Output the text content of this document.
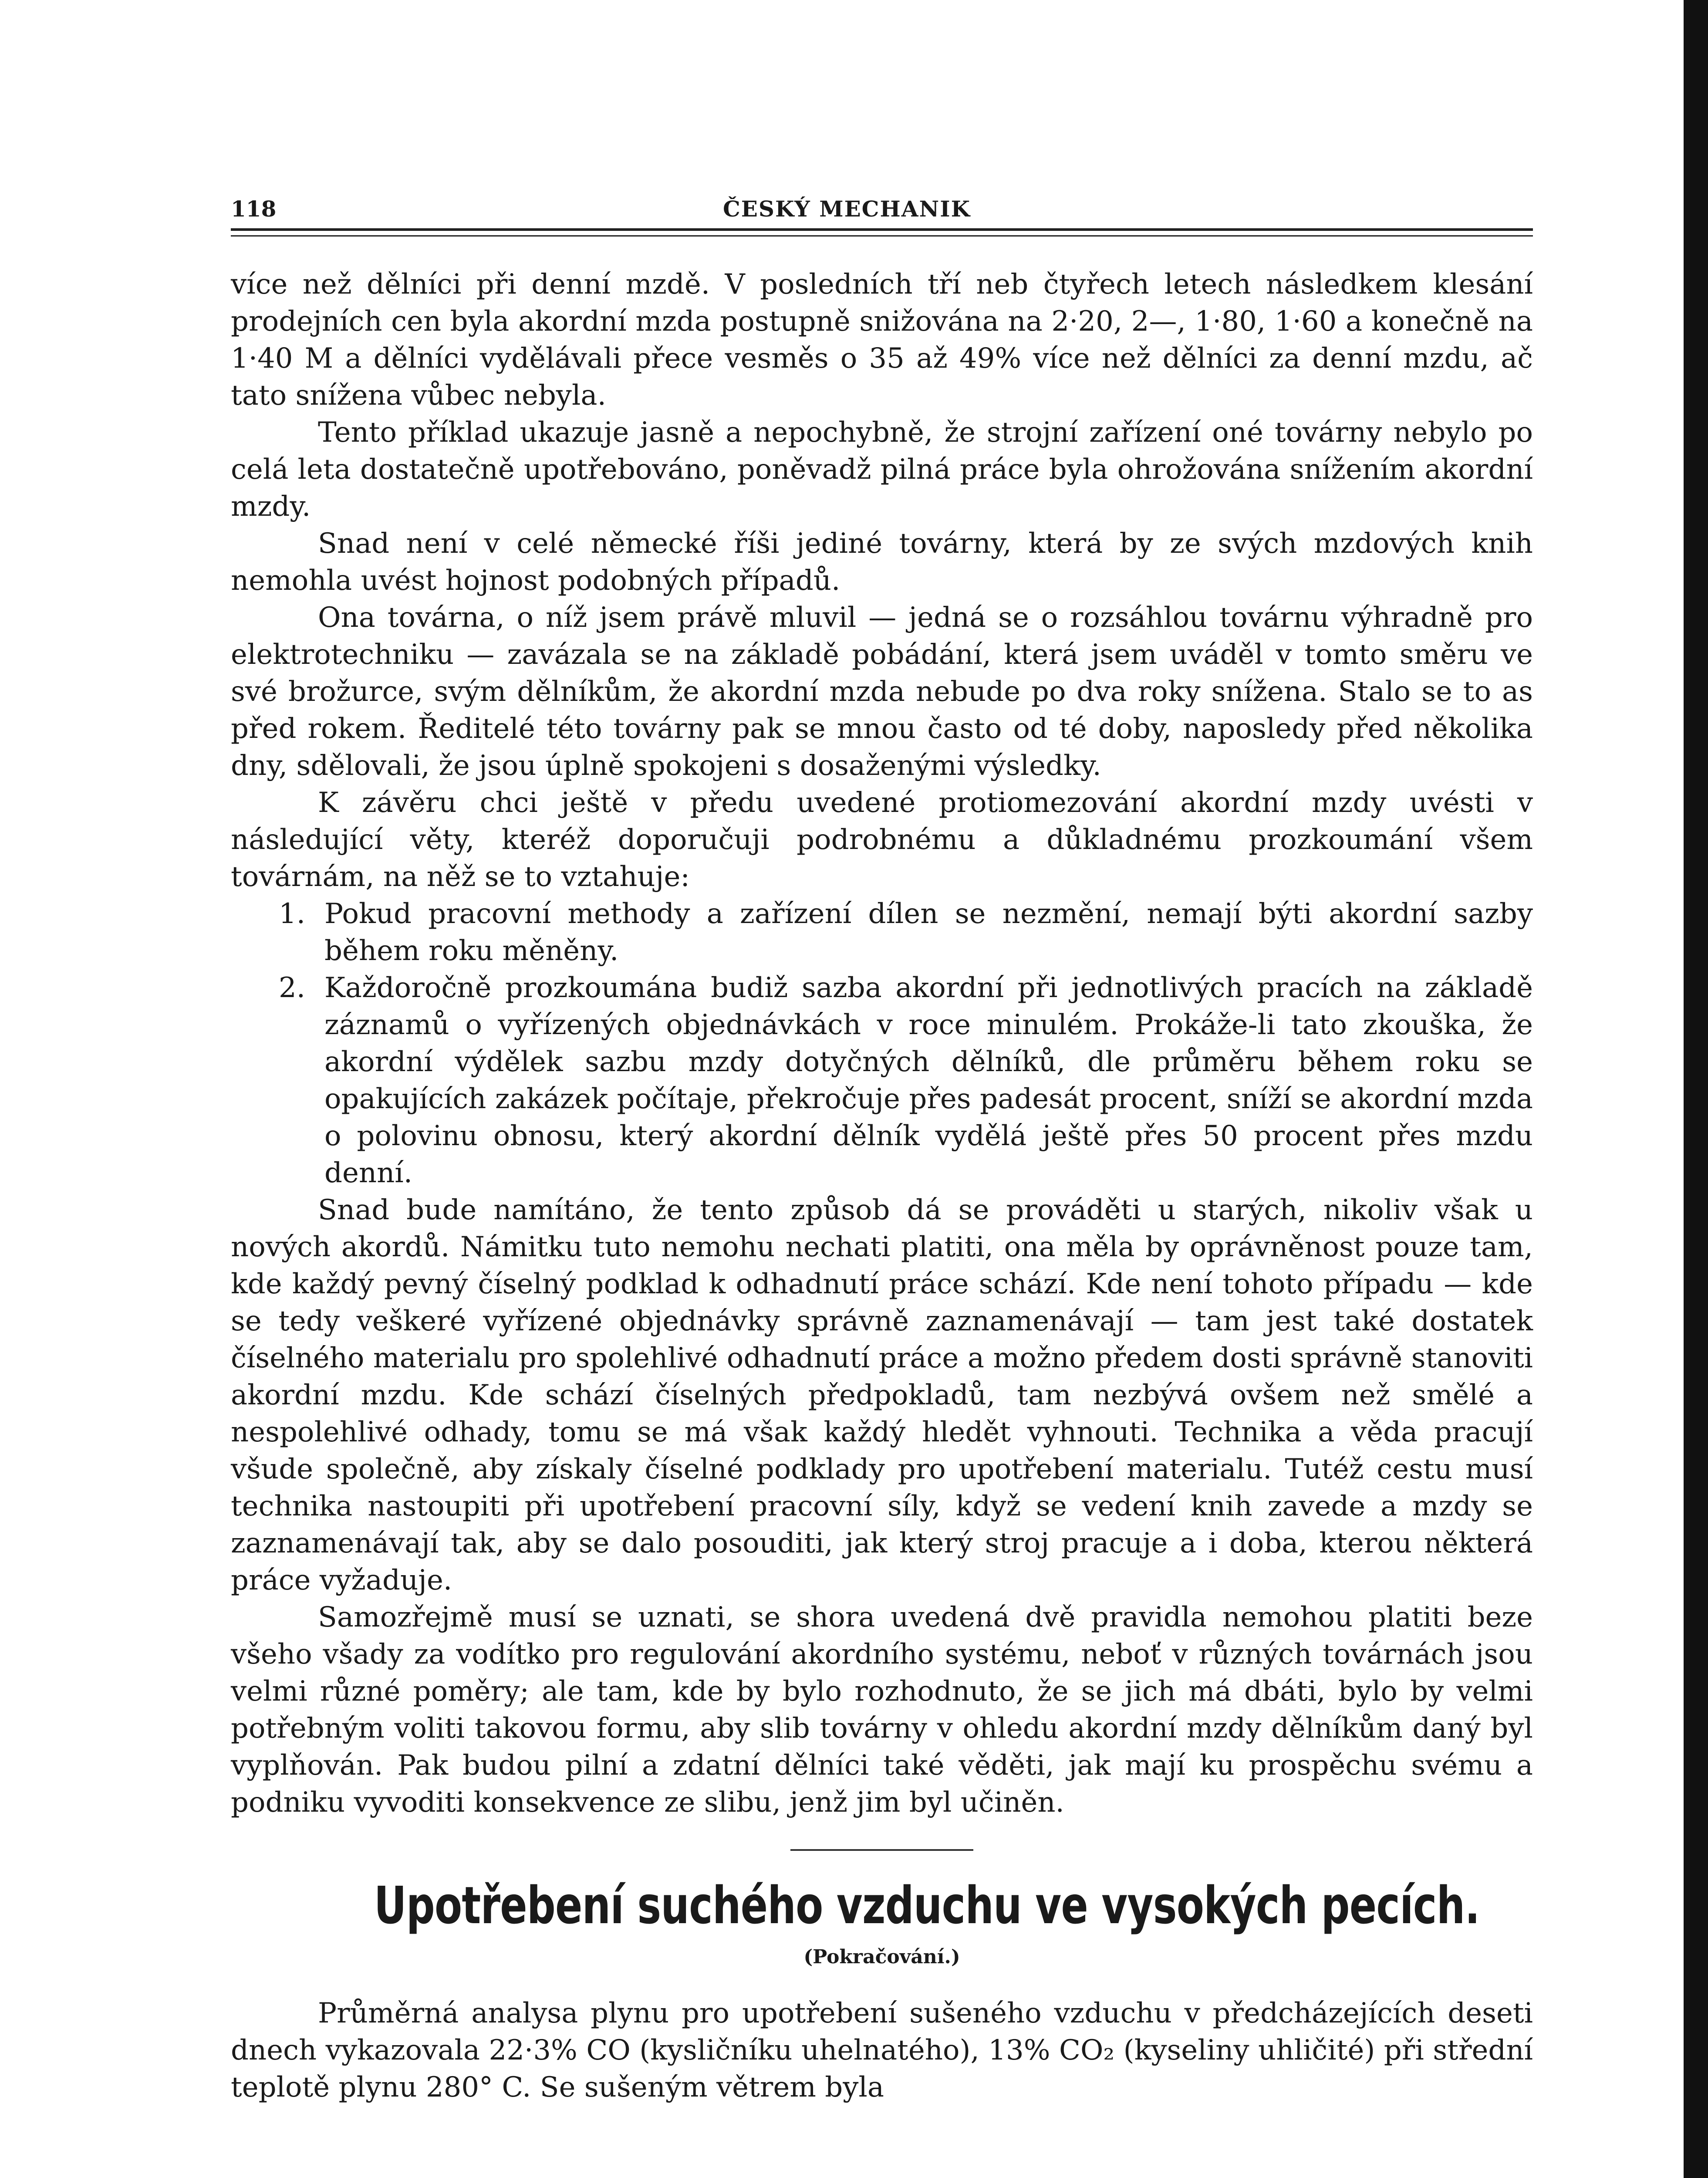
118	ČESKÝ MECHANIK

více než dělníci při denní mzdě. V posledních tří neb čtyřech letech následkem klesání prodejních cen byla akordní mzda postupně snižována na 2·20, 2—, 1·80, 1·60 a konečně na 1·40 M a dělníci vydělávali přece vesměs o 35 až 49% více než dělníci za denní mzdu, ač tato snížena vůbec nebyla.

Tento příklad ukazuje jasně a nepochybně, že strojní zařízení oné továrny nebylo po celá leta dostatečně upotřebováno, poněvadž pilná práce byla ohrožována snížením akordní mzdy.

Snad není v celé německé říši jediné továrny, která by ze svých mzdových knih nemohla uvést hojnost podobných případů.

Ona továrna, o níž jsem právě mluvil — jedná se o rozsáhlou továrnu výhradně pro elektrotechniku — zavázala se na základě pobádání, která jsem uváděl v tomto směru ve své brožurce, svým dělníkům, že akordní mzda nebude po dva roky snížena. Stalo se to as před rokem. Ředitelé této továrny pak se mnou často od té doby, naposledy před několika dny, sdělovali, že jsou úplně spokojeni s dosaženými výsledky.

K závěru chci ještě v předu uvedené protiomezování akordní mzdy uvésti v následující věty, kteréž doporučuji podrobnému a důkladnému prozkoumání všem továrnám, na něž se to vztahuje:

1. Pokud pracovní methody a zařízení dílen se nezmění, nemají býti akordní sazby během roku měněny.
2. Každoročně prozkoumána budiž sazba akordní při jednotlivých pracích na základě záznamů o vyřízených objednávkách v roce minulém. Prokáže-li tato zkouška, že akordní výdělek sazbu mzdy dotyčných dělníků, dle průměru během roku se opakujících zakázek počítaje, překročuje přes padesát procent, sníží se akordní mzda o polovinu obnosu, který akordní dělník vydělá ještě přes 50 procent přes mzdu denní.

Snad bude namítáno, že tento způsob dá se prováděti u starých, nikoliv však u nových akordů. Námitku tuto nemohu nechati platiti, ona měla by oprávněnost pouze tam, kde každý pevný číselný podklad k odhadnutí práce schází. Kde není tohoto případu — kde se tedy veškeré vyřízené objednávky správně zaznamenávají — tam jest také dostatek číselného materialu pro spolehlivé odhadnutí práce a možno předem dosti správně stanoviti akordní mzdu. Kde schází číselných předpokladů, tam nezbývá ovšem než smělé a nespolehlivé odhady, tomu se má však každý hledět vyhnouti. Technika a věda pracují všude společně, aby získaly číselné podklady pro upotřebení materialu. Tutéž cestu musí technika nastoupiti při upotřebení pracovní síly, když se vedení knih zavede a mzdy se zaznamenávají tak, aby se dalo posouditi, jak který stroj pracuje a i doba, kterou některá práce vyžaduje.

Samozřejmě musí se uznati, se shora uvedená dvě pravidla nemohou platiti beze všeho všady za vodítko pro regulování akordního systému, neboť v různých továrnách jsou velmi různé poměry; ale tam, kde by bylo rozhodnuto, že se jich má dbáti, bylo by velmi potřebným voliti takovou formu, aby slib továrny v ohledu akordní mzdy dělníkům daný byl vyplňován. Pak budou pilní a zdatní dělníci také věděti, jak mají ku prospěchu svému a podniku vyvoditi konsekvence ze slibu, jenž jim byl učiněn.

Upotřebení suchého vzduchu ve vysokých pecích.
(Pokračování.)

Průměrná analysa plynu pro upotřebení sušeného vzduchu v předcházejících deseti dnech vykazovala 22·3% CO (kysličníku uhelnatého), 13% CO₂ (kyseliny uhličité) při střední teplotě plynu 280° C. Se sušeným větrem byla
